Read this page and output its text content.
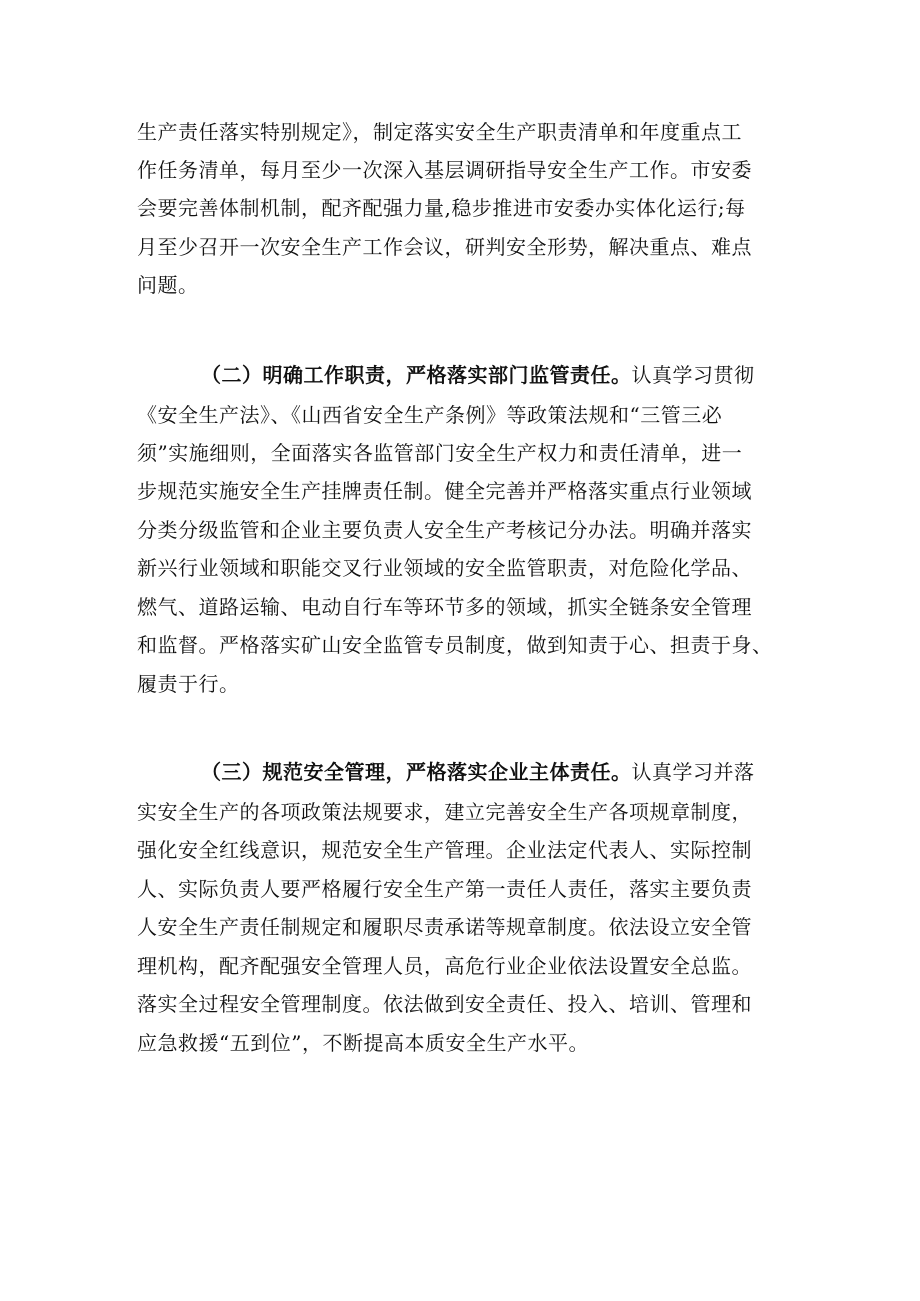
生产责任落实特别规定》，制定落实安全生产职责清单和年度重点工
作任务清单，每月至少一次深入基层调研指导安全生产工作。市安委
会要完善体制机制，配齐配强力量,稳步推进市安委办实体化运行;每
月至少召开一次安全生产工作会议，研判安全形势，解决重点、难点
问题。
（二）明确工作职责，严格落实部门监管责任。认真学习贯彻
《安全生产法》、《山西省安全生产条例》等政策法规和“三管三必
须”实施细则，全面落实各监管部门安全生产权力和责任清单，进一
步规范实施安全生产挂牌责任制。健全完善并严格落实重点行业领域
分类分级监管和企业主要负责人安全生产考核记分办法。明确并落实
新兴行业领域和职能交叉行业领域的安全监管职责，对危险化学品、
燃气、道路运输、电动自行车等环节多的领域，抓实全链条安全管理
和监督。严格落实矿山安全监管专员制度，做到知责于心、担责于身、
履责于行。
（三）规范安全管理，严格落实企业主体责任。认真学习并落
实安全生产的各项政策法规要求，建立完善安全生产各项规章制度，
强化安全红线意识，规范安全生产管理。企业法定代表人、实际控制
人、实际负责人要严格履行安全生产第一责任人责任，落实主要负责
人安全生产责任制规定和履职尽责承诺等规章制度。依法设立安全管
理机构，配齐配强安全管理人员，高危行业企业依法设置安全总监。
落实全过程安全管理制度。依法做到安全责任、投入、培训、管理和
应急救援“五到位”，不断提高本质安全生产水平。
